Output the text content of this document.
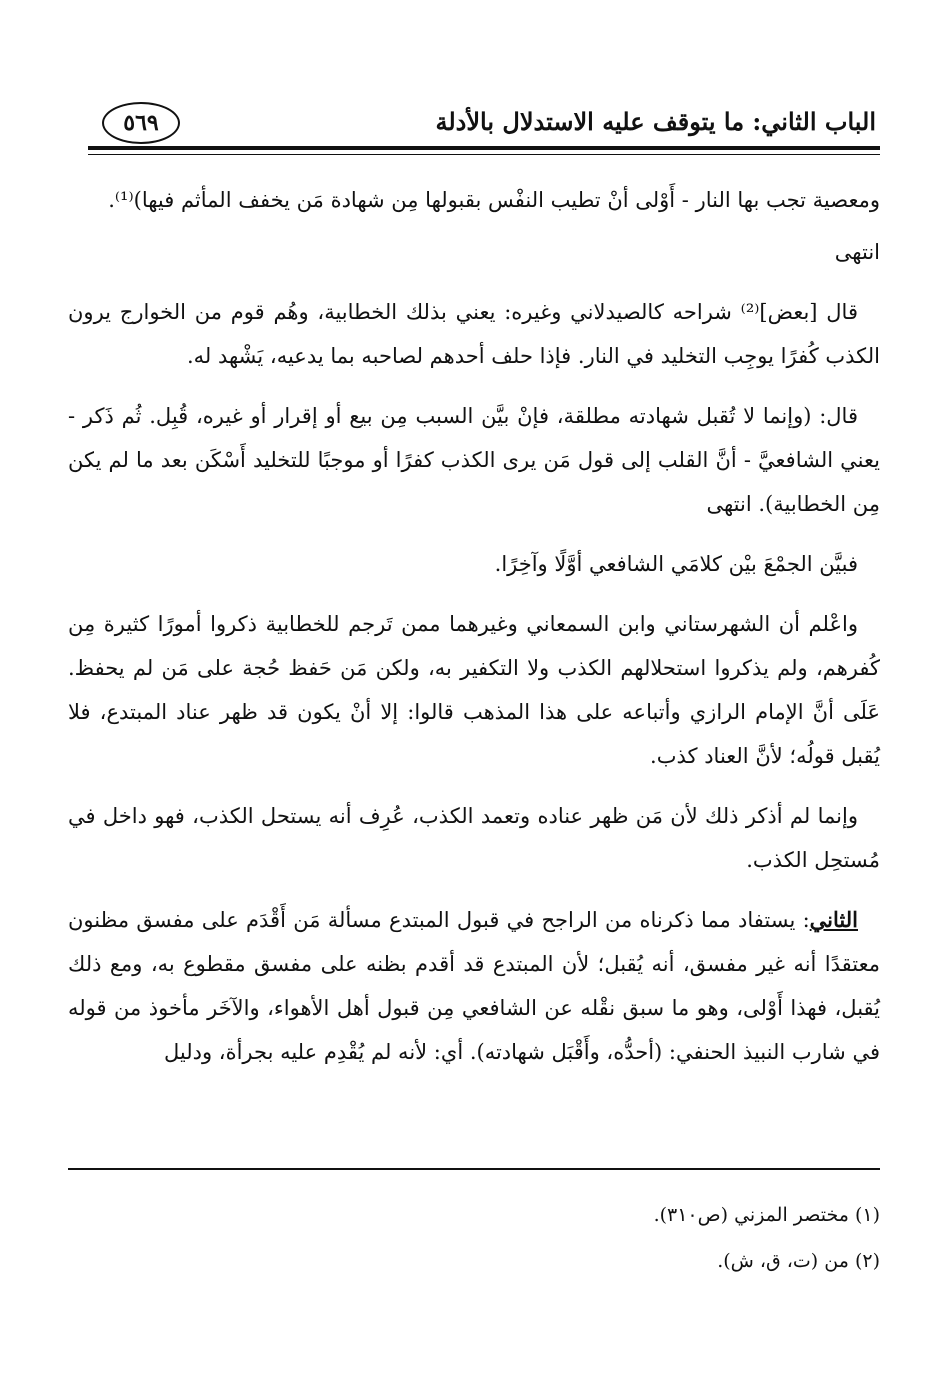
الباب الثاني: ما يتوقف عليه الاستدلال بالأدلة
٥٦٩

ومعصية تجب بها النار - أَوْلى أنْ تطيب النفْس بقبولها مِن شهادة مَن يخفف المأثم فيها)⁽¹⁾.

انتهى

قال [بعض]⁽²⁾ شراحه كالصيدلاني وغيره: يعني بذلك الخطابية، وهُم قوم من الخوارج يرون الكذب كُفرًا يوجِب التخليد في النار. فإذا حلف أحدهم لصاحبه بما يدعيه، يَشْهد له.

قال: (وإنما لا تُقبل شهادته مطلقة، فإنْ بيَّن السبب مِن بيع أو إقرار أو غيره، قُبِل. ثُم ذَكر - يعني الشافعيَّ - أنَّ القلب إلى قول مَن يرى الكذب كفرًا أو موجبًا للتخليد أَسْكَن بعد ما لم يكن مِن الخطابية). انتهى

فبيَّن الجمْعَ بيْن كلامَي الشافعي أوَّلًا وآخِرًا.

واعْلم أن الشهرستاني وابن السمعاني وغيرهما ممن تَرجم للخطابية ذكروا أمورًا كثيرة مِن كُفرهم، ولم يذكروا استحلالهم الكذب ولا التكفير به، ولكن مَن حَفظ حُجة على مَن لم يحفظ. عَلَى أنَّ الإمام الرازي وأتباعه على هذا المذهب قالوا: إلا أنْ يكون قد ظهر عناد المبتدع، فلا يُقبل قولُه؛ لأنَّ العناد كذب.

وإنما لم أذكر ذلك لأن مَن ظهر عناده وتعمد الكذب، عُرِف أنه يستحل الكذب، فهو داخل في مُستحِل الكذب.

الثاني: يستفاد مما ذكرناه من الراجح في قبول المبتدع مسألة مَن أَقْدَم على مفسق مظنون معتقدًا أنه غير مفسق، أنه يُقبل؛ لأن المبتدع قد أقدم بظنه على مفسق مقطوع به، ومع ذلك يُقبل، فهذا أَوْلى، وهو ما سبق نقْله عن الشافعي مِن قبول أهل الأهواء، والآخَر مأخوذ من قوله في شارب النبيذ الحنفي: (أحدُّه، وأَقْبَل شهادته). أي: لأنه لم يُقْدِم عليه بجرأة، ودليل

(١) مختصر المزني (ص٣١٠).
(٢) من (ت، ق، ش).
